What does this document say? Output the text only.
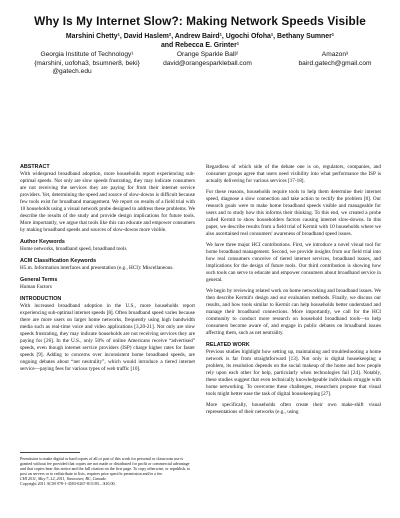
Why Is My Internet Slow?: Making Network Speeds Visible
Marshini Chetty¹, David Haslem², Andrew Baird¹, Ugochi Ofoha¹, Bethany Sumner¹
and Rebecca E. Grinter¹
Georgia Institute of Technology¹
{marshini, uofoha3, bsumner8, beki}
@gatech.edu
Orange Sparkle Ball²
david@orangesparkleball.com
Amazon³
baird.gatech@gmail.com
ABSTRACT

With widespread broadband adoption, more households report experiencing sub-optimal speeds. Not only are slow speeds frustrating, they may indicate consumers are not receiving the services they are paying for from their internet service providers. Yet, determining the speed and source of slow-downs is difficult because few tools exist for broadband management. We report on results of a field trial with 10 households using a visual network probe designed to address these problems. We describe the results of the study and provide design implications for future tools. More importantly, we argue that tools like this can educate and empower consumers by making broadband speeds and sources of slow-downs more visible.

Author Keywords

Home networks, broadband speed, broadband tools

ACM Classification Keywords

H5.m. Information interfaces and presentation (e.g., HCI): Miscellaneous.

General Terms

Human Factors

INTRODUCTION

With increased broadband adoption in the U.S., more households report experiencing sub-optimal internet speeds [8]. Often broadband speed varies because there are more users on larger home networks, frequently using high bandwidth media such as real-time voice and video applications [3,20-21]. Not only are slow speeds frustrating, they may indicate households are not receiving services they are paying for [26]. In the U.S., only 50% of online Americans receive “advertised” speeds, even though internet service providers (ISP) charge higher rates for faster speeds [9]. Adding to concerns over inconsistent home broadband speeds, are ongoing debates about “net neutrality”, which would introduce a tiered internet service—paying fees for various types of web traffic [10].

Permission to make digital or hard copies of all or part of this work for personal or classroom use is granted without fee provided that copies are not made or distributed for profit or commercial advantage and that copies bear this notice and the full citation on the first page. To copy otherwise, or republish, to post on servers or to redistribute to lists, requires prior specific permission and/or a fee.
CHI 2011, May 7–12, 2011, Vancouver, BC, Canada.
Copyright 2011 ACM 978-1-4503-0267-8/11/05....$10.00.

Regardless of which side of the debate one is on, regulators, companies, and consumer groups agree that users need visibility into what performance the ISP is actually delivering for various services [17-18].

For these reasons, households require tools to help them determine their internet speed, diagnose a slow connection and take action to rectify the problem [8]. Our research goals were to make home broadband speeds visible and manageable for users and to study how this informs their thinking. To this end, we created a probe called Kermit to show householders factors causing internet slow-downs. In this paper, we describe results from a field trial of Kermit with 10 households where we also ascertained real consumers' awareness of broadband speed issues.

We have three major HCI contributions. First, we introduce a novel visual tool for home broadband management. Second, we provide insights from our field trial into how real consumers conceive of tiered internet services, broadband issues, and implications for the design of future tools. Our third contribution is showing how such tools can serve to educate and empower consumers about broadband service in general.

We begin by reviewing related work on home networking and broadband issues. We then describe Kermit's design and our evaluation methods. Finally, we discuss our results, and how tools similar to Kermit can help households better understand and manage their broadband connections. More importantly, we call for the HCI community to conduct more research on household broadband tools—to help consumers become aware of, and engage in public debates on broadband issues affecting them, such as net neutrality.

RELATED WORK

Previous studies highlight how setting up, maintaining and troubleshooting a home network is far from straightforward [13]. Not only is digital housekeeping a problem, its resolution depends on the social makeup of the home and how people rely upon each other for help, particularly when technologies fail [24]. Notably, these studies suggest that even technically knowledgeable individuals struggle with home networking. To overcome these challenges, researchers propose that visual tools might better ease the task of digital housekeeping [27].

More specifically, households often create their own make-shift visual representations of their networks (e.g., using
